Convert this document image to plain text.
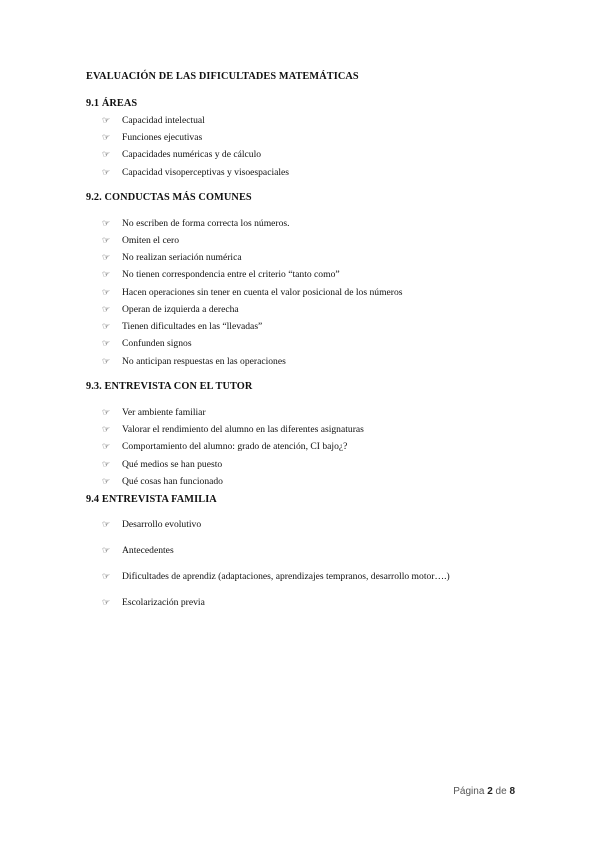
EVALUACIÓN DE LAS DIFICULTADES MATEMÁTICAS
9.1 ÁREAS
☞	Capacidad intelectual
☞	Funciones ejecutivas
☞	Capacidades numéricas y de cálculo
☞	Capacidad visoperceptivas y visoespaciales
9.2. CONDUCTAS MÁS COMUNES
☞	No escriben de forma correcta los números.
☞	Omiten el cero
☞	No realizan seriación numérica
☞	No tienen correspondencia entre el criterio “tanto como”
☞	Hacen operaciones sin tener en cuenta el valor posicional de los números
☞	Operan de izquierda a derecha
☞	Tienen dificultades en las “llevadas”
☞	Confunden signos
☞	No anticipan respuestas en las operaciones
9.3. ENTREVISTA CON EL TUTOR
☞	Ver ambiente familiar
☞	Valorar el rendimiento del alumno en las diferentes asignaturas
☞	Comportamiento del alumno: grado de atención, CI bajo¿?
☞	Qué medios se han puesto
☞	Qué cosas han funcionado
9.4 ENTREVISTA FAMILIA
☞	Desarrollo evolutivo
☞	Antecedentes
☞	Dificultades de aprendiz (adaptaciones, aprendizajes tempranos, desarrollo motor….)
☞	Escolarización previa
Página 2 de 8
